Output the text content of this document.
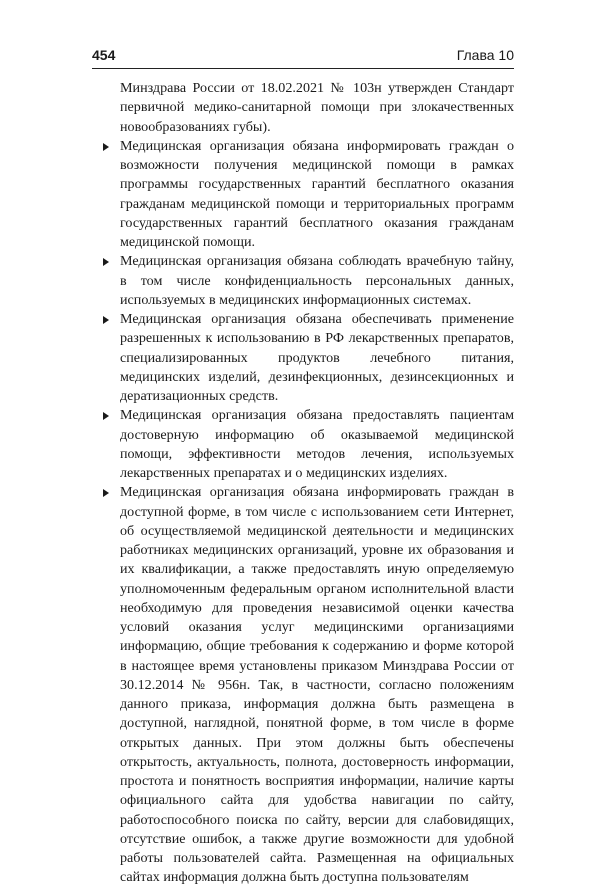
454	Глава 10
Минздрава России от 18.02.2021 № 103н утвержден Стандарт первичной медико-санитарной помощи при злокачественных новообразованиях губы).
Медицинская организация обязана информировать граждан о возможности получения медицинской помощи в рамках программы государственных гарантий бесплатного оказания гражданам медицинской помощи и территориальных программ государственных гарантий бесплатного оказания гражданам медицинской помощи.
Медицинская организация обязана соблюдать врачебную тайну, в том числе конфиденциальность персональных данных, используемых в медицинских информационных системах.
Медицинская организация обязана обеспечивать применение разрешенных к использованию в РФ лекарственных препаратов, специализированных продуктов лечебного питания, медицинских изделий, дезинфекционных, дезинсекционных и дератизационных средств.
Медицинская организация обязана предоставлять пациентам достоверную информацию об оказываемой медицинской помощи, эффективности методов лечения, используемых лекарственных препаратах и о медицинских изделиях.
Медицинская организация обязана информировать граждан в доступной форме, в том числе с использованием сети Интернет, об осуществляемой медицинской деятельности и медицинских работниках медицинских организаций, уровне их образования и их квалификации, а также предоставлять иную определяемую уполномоченным федеральным органом исполнительной власти необходимую для проведения независимой оценки качества условий оказания услуг медицинскими организациями информацию, общие требования к содержанию и форме которой в настоящее время установлены приказом Минздрава России от 30.12.2014 № 956н. Так, в частности, согласно положениям данного приказа, информация должна быть размещена в доступной, наглядной, понятной форме, в том числе в форме открытых данных. При этом должны быть обеспечены открытость, актуальность, полнота, достоверность информации, простота и понятность восприятия информации, наличие карты официального сайта для удобства навигации по сайту, работоспособного поиска по сайту, версии для слабовидящих, отсутствие ошибок, а также другие возможности для удобной работы пользователей сайта. Размещенная на официальных сайтах информация должна быть доступна пользователям
